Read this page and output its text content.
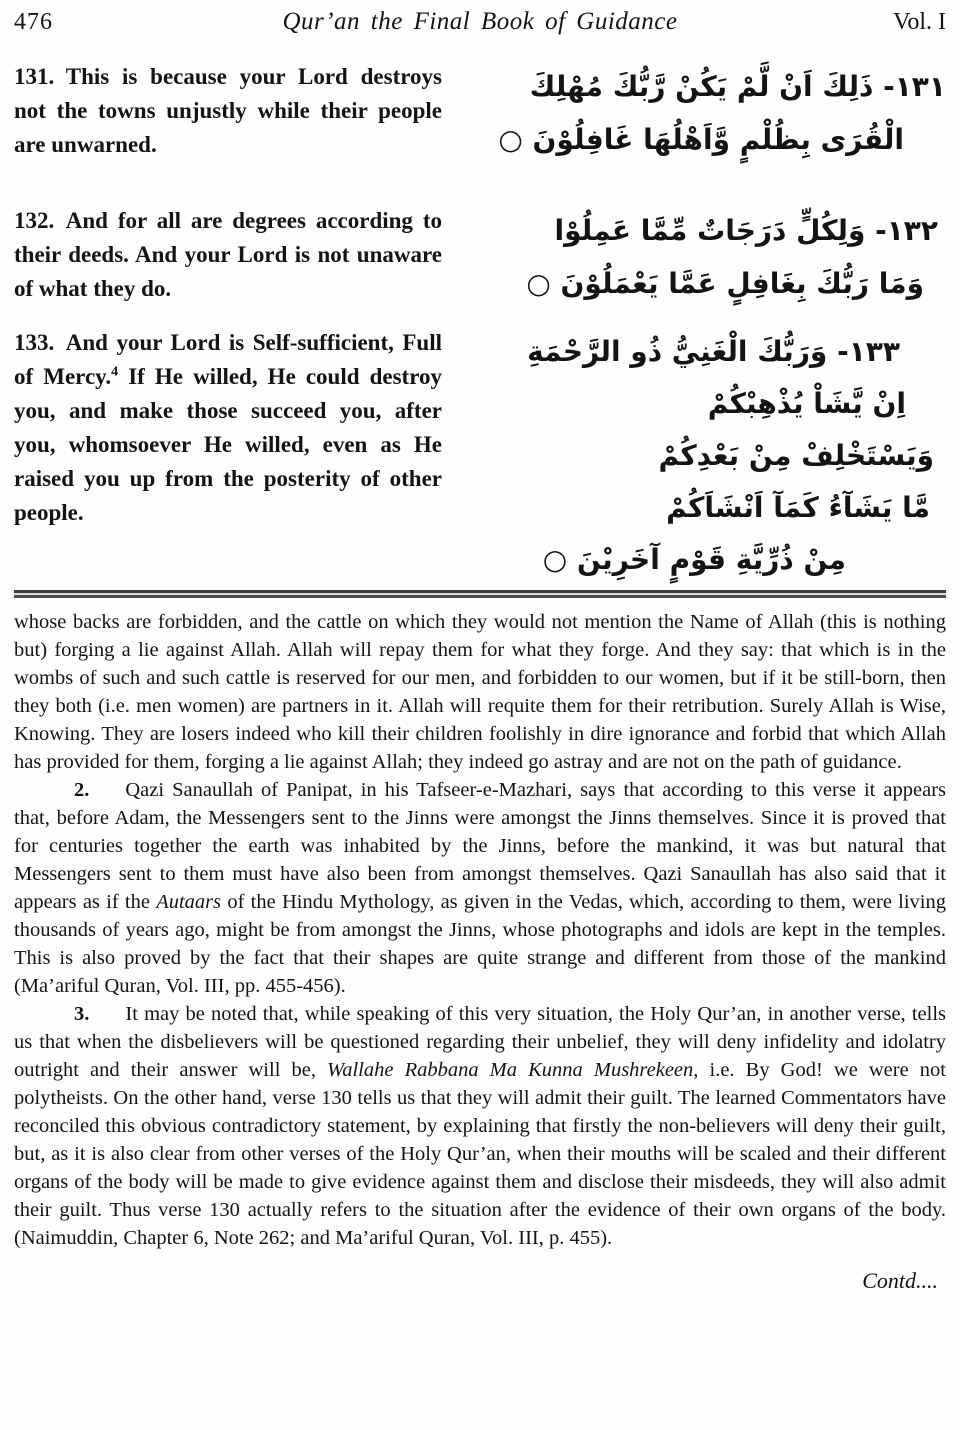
476	Qur’an the Final Book of Guidance	Vol. I

131. This is because your Lord destroys not the towns unjustly while their people are unwarned.

١٣١- ذَلِكَ اَنْ لَّمْ يَكُنْ رَّبُّكَ مُهْلِكَ
الْقُرَى بِظُلْمٍ وَّاَهْلُهَا غَافِلُوْنَ ○

132. And for all are degrees according to their deeds. And your Lord is not unaware of what they do.

١٣٢- وَلِكُلٍّ دَرَجَاتٌ مِّمَّا عَمِلُوْا
وَمَا رَبُّكَ بِغَافِلٍ عَمَّا يَعْمَلُوْنَ ○

133. And your Lord is Self-sufficient, Full of Mercy.$^4$ If He willed, He could destroy you, and make those succeed you, after you, whomsoever He willed, even as He raised you up from the posterity of other people.

١٣٣- وَرَبُّكَ الْغَنِيُّ ذُو الرَّحْمَةِ
اِنْ يَّشَاْ يُذْهِبْكُمْ
وَيَسْتَخْلِفْ مِنْ بَعْدِكُمْ
مَّا يَشَآءُ كَمَآ اَنْشَاَكُمْ
مِنْ ذُرِّيَّةِ قَوْمٍ آخَرِيْنَ ○

whose backs are forbidden, and the cattle on which they would not mention the Name of Allah (this is nothing but) forging a lie against Allah. Allah will repay them for what they forge. And they say: that which is in the wombs of such and such cattle is reserved for our men, and forbidden to our women, but if it be still-born, then they both (i.e. men women) are partners in it. Allah will requite them for their retribution. Surely Allah is Wise, Knowing. They are losers indeed who kill their children foolishly in dire ignorance and forbid that which Allah has provided for them, forging a lie against Allah; they indeed go astray and are not on the path of guidance.

2. Qazi Sanaullah of Panipat, in his Tafseer-e-Mazhari, says that according to this verse it appears that, before Adam, the Messengers sent to the Jinns were amongst the Jinns themselves. Since it is proved that for centuries together the earth was inhabited by the Jinns, before the mankind, it was but natural that Messengers sent to them must have also been from amongst themselves. Qazi Sanaullah has also said that it appears as if the Autaars of the Hindu Mythology, as given in the Vedas, which, according to them, were living thousands of years ago, might be from amongst the Jinns, whose photographs and idols are kept in the temples. This is also proved by the fact that their shapes are quite strange and different from those of the mankind (Ma’ariful Quran, Vol. III, pp. 455-456).

3. It may be noted that, while speaking of this very situation, the Holy Qur’an, in another verse, tells us that when the disbelievers will be questioned regarding their unbelief, they will deny infidelity and idolatry outright and their answer will be, Wallahe Rabbana Ma Kunna Mushrekeen, i.e. By God! we were not polytheists. On the other hand, verse 130 tells us that they will admit their guilt. The learned Commentators have reconciled this obvious contradictory statement, by explaining that firstly the non-believers will deny their guilt, but, as it is also clear from other verses of the Holy Qur’an, when their mouths will be scaled and their different organs of the body will be made to give evidence against them and disclose their misdeeds, they will also admit their guilt. Thus verse 130 actually refers to the situation after the evidence of their own organs of the body. (Naimuddin, Chapter 6, Note 262; and Ma’ariful Quran, Vol. III, p. 455).

Contd....
